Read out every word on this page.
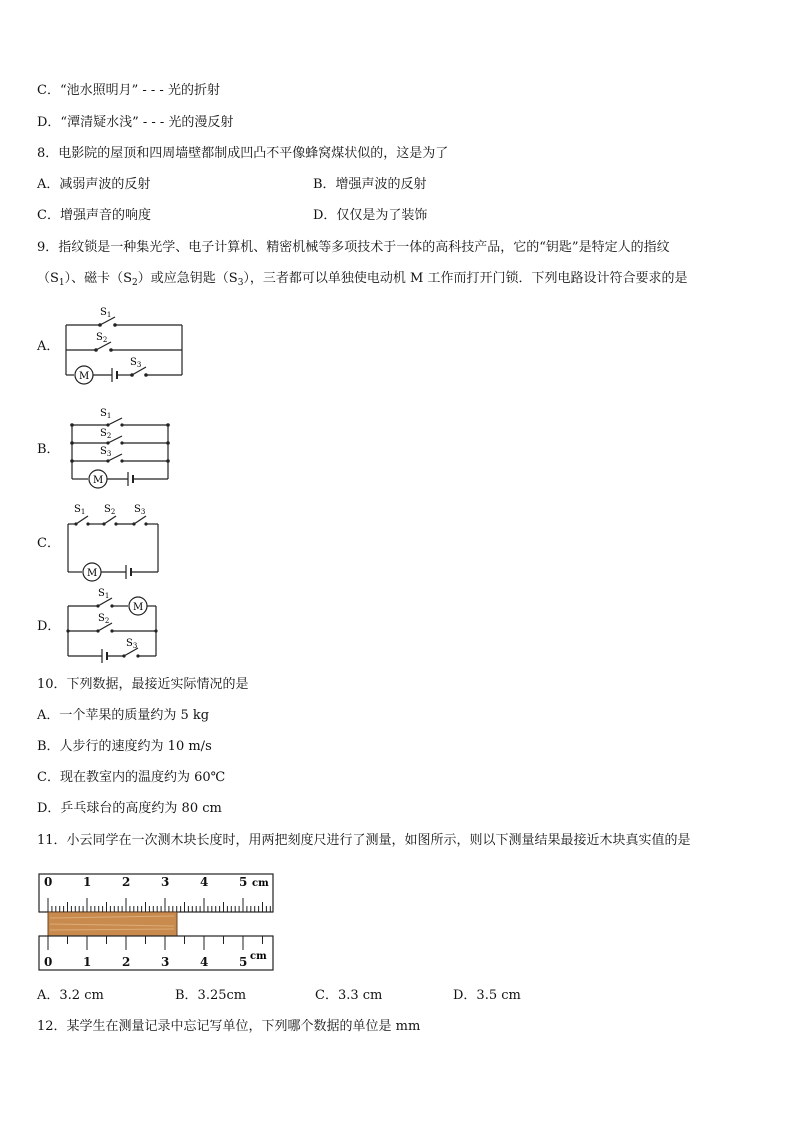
C．“池水照明月” - - - 光的折射
D．“潭清疑水浅” - - - 光的漫反射
8．电影院的屋顶和四周墙壁都制成凹凸不平像蜂窝煤状似的，这是为了
A．减弱声波的反射	B．增强声波的反射
C．增强声音的响度	D．仅仅是为了装饰
9．指纹锁是一种集光学、电子计算机、精密机械等多项技术于一体的高科技产品，它的“钥匙”是特定人的指纹
$(S_1)$、磁卡$(S_2)$或应急钥匙$(S_3)$，三者都可以单独使电动机 M 工作而打开门锁．下列电路设计符合要求的是
A．
$S_1$
$S_2$
$S_3$
M
B．
$S_1$
$S_2$
$S_3$
M
C．
$S_1$ $S_2$ $S_3$
M
D．
$S_1$
$S_2$
$S_3$
M
10．下列数据，最接近实际情况的是
A．一个苹果的质量约为 5 kg
B．人步行的速度约为 10 m/s
C．现在教室内的温度约为 60℃
D．乒乓球台的高度约为 80 cm
11．小云同学在一次测木块长度时，用两把刻度尺进行了测量，如图所示，则以下测量结果最接近木块真实值的是
0	1	2	3	4	5
0	1	2	3	4	5
cm
cm
A．3.2 cm	B．3.25cm	C．3.3 cm	D．3.5 cm
12．某学生在测量记录中忘记写单位，下列哪个数据的单位是 mm
